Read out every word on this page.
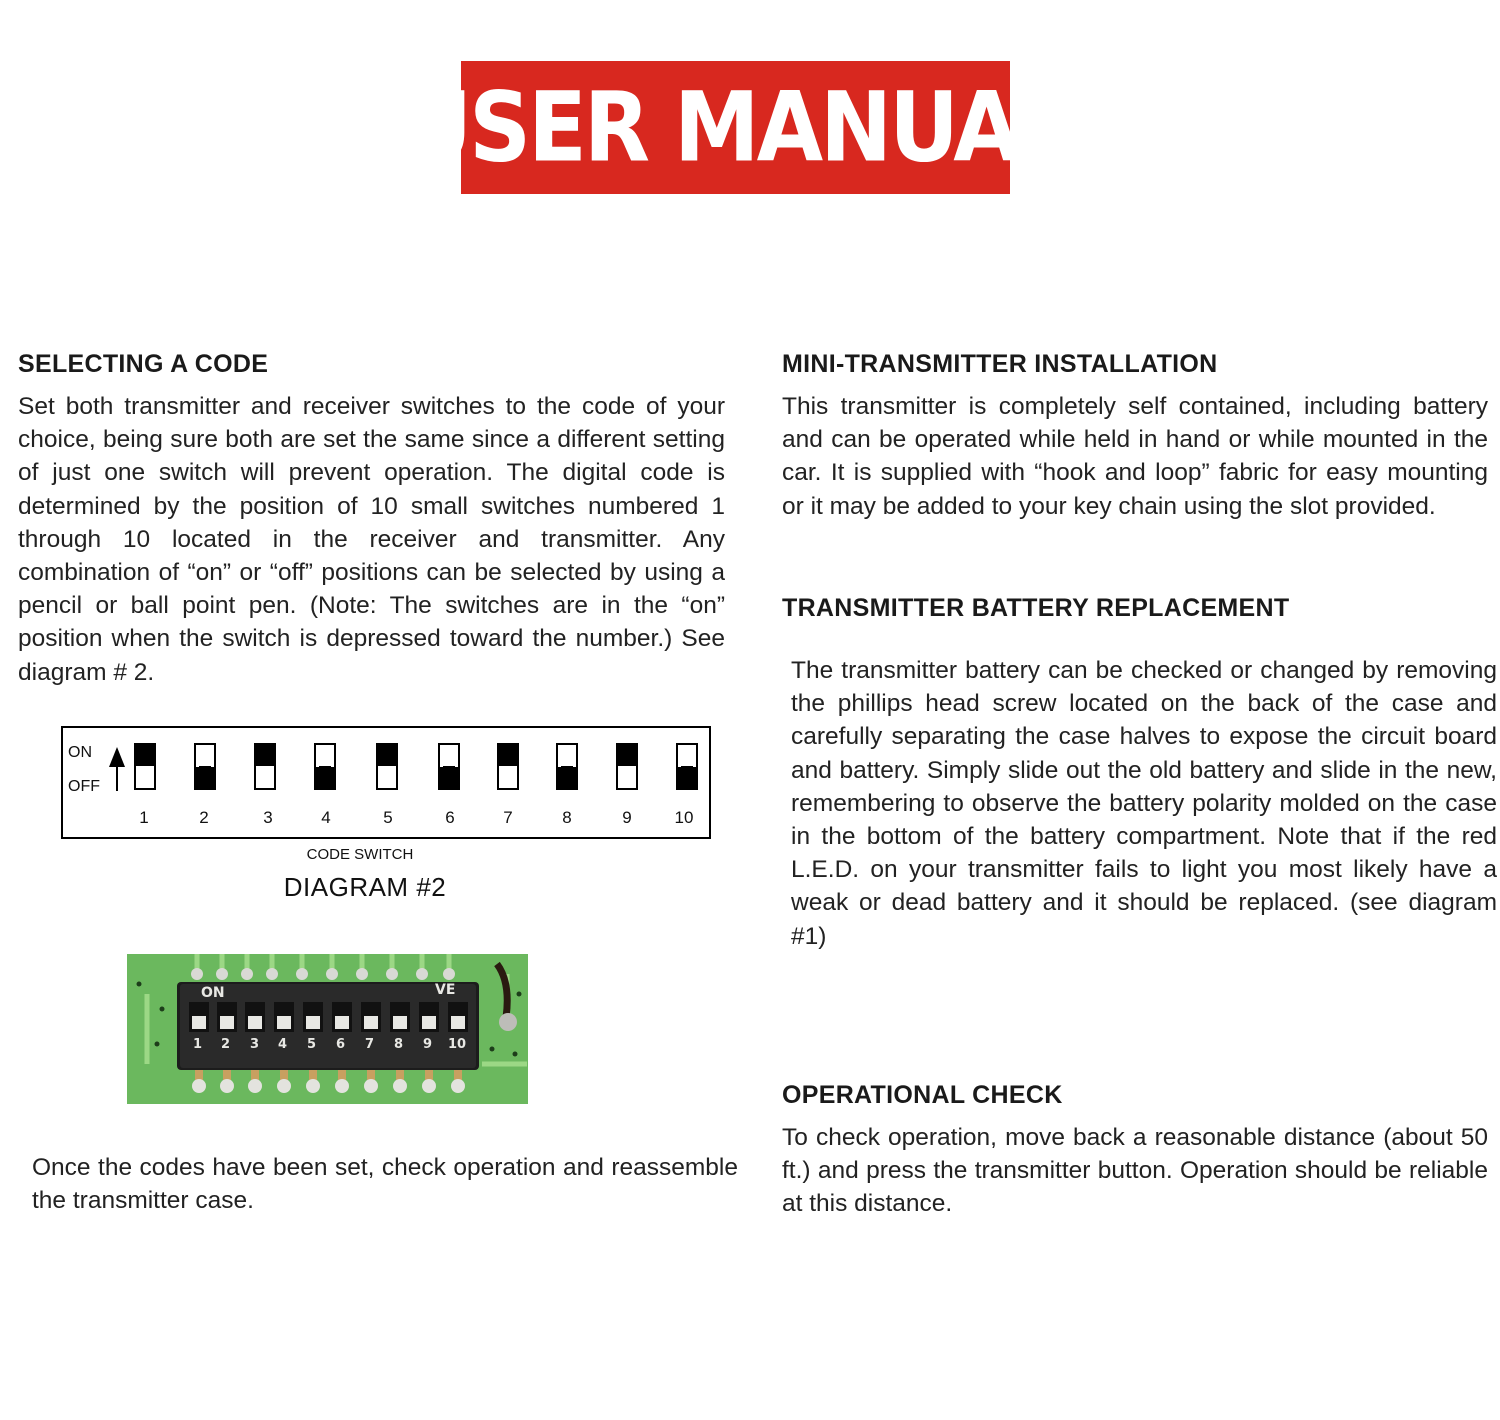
USER MANUAL
SELECTING A CODE

Set both transmitter and receiver switches to the code of your choice, being sure both are set the same since a different setting of just one switch will prevent operation. The digital code is determined by the position of 10 small switches numbered 1 through 10 located in the receiver and transmitter. Any combination of “on” or “off” positions can be selected by using a pencil or ball point pen. (Note: The switches are in the “on” position when the switch is depressed toward the number.) See diagram # 2.

ON
OFF
1	2	3	4	5	6	7	8	9	10
CODE SWITCH
DIAGRAM #2
ON	VE
1 2 3 4 5 6 7 8 9 10

Once the codes have been set, check operation and reassemble the transmitter case.

MINI-TRANSMITTER INSTALLATION

This transmitter is completely self contained, including battery and can be operated while held in hand or while mounted in the car. It is supplied with “hook and loop” fabric for easy mounting or it may be added to your key chain using the slot provided.

TRANSMITTER BATTERY REPLACEMENT

The transmitter battery can be checked or changed by removing the phillips head screw located on the back of the case and carefully separating the case halves to expose the circuit board and battery. Simply slide out the old battery and slide in the new, remembering to observe the battery polarity molded on the case in the bottom of the battery compartment. Note that if the red L.E.D. on your transmitter fails to light you most likely have a weak or dead battery and it should be replaced. (see diagram #1)

OPERATIONAL CHECK

To check operation, move back a reasonable distance (about 50 ft.) and press the transmitter button. Operation should be reliable at this distance.
